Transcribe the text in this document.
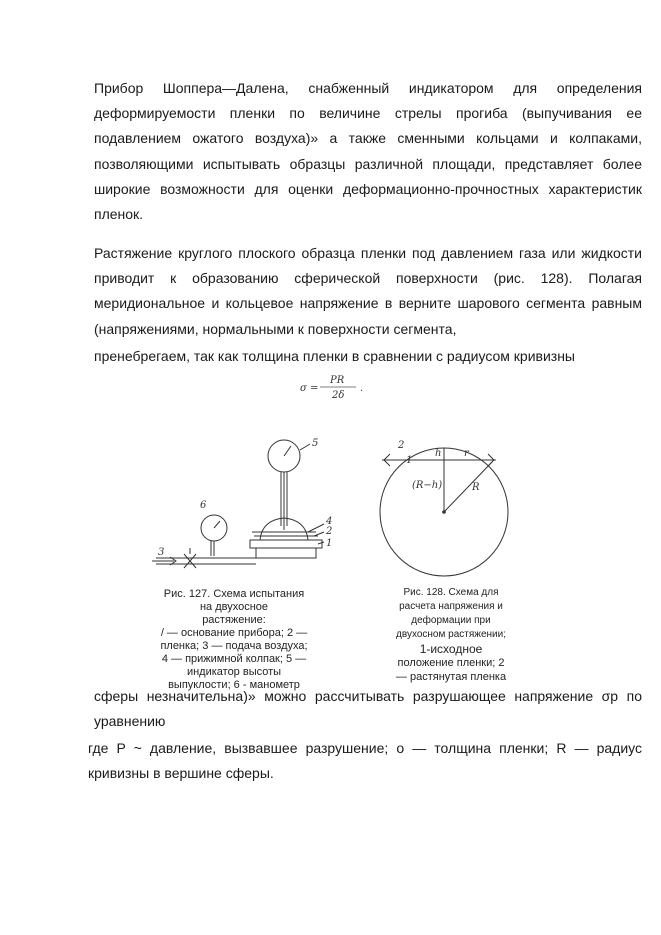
Прибор Шоппера—Далена, снабженный индикатором для определения деформируемости пленки по величине стрелы прогиба (выпучивания ее подавлением ожатого воздуха)» а также сменными кольцами и колпаками, позволяющими испытывать образцы различной площади, представляет более широкие возможности для оценки деформационно-прочностных характеристик пленок.

Растяжение круглого плоского образца пленки под давлением газа или жидкости приводит к образованию сферической поверхности (рис. 128). Полагая меридиональное и кольцевое напряжение в верните шарового сегмента равным (напряжениями, нормальными к поверхности сегмента,

пренебрегаем, так как толщина пленки в сравнении с радиусом кривизны

σ =
PR
2δ
.
5
6
4
2
1
3
2
1
h r
(R−h)	R
Рис. 127. Схема испытания
на двухосное
растяжение:
/ — основание прибора; 2 —
пленка; 3 — подача воздуха;
4 — прижимной колпак; 5 —
индикатор высоты
выпуклости; 6 - манометр
Рис. 128. Схема для
расчета напряжения и
деформации при
двухосном растяжении;
1-исходное
положение пленки; 2
— растянутая пленка

сферы незначительна)» можно рассчитывать разрушающее напряжение σр по уравнению

где P ~ давление, вызвавшее разрушение; о — толщина пленки; R — радиус кривизны в вершине сферы.
